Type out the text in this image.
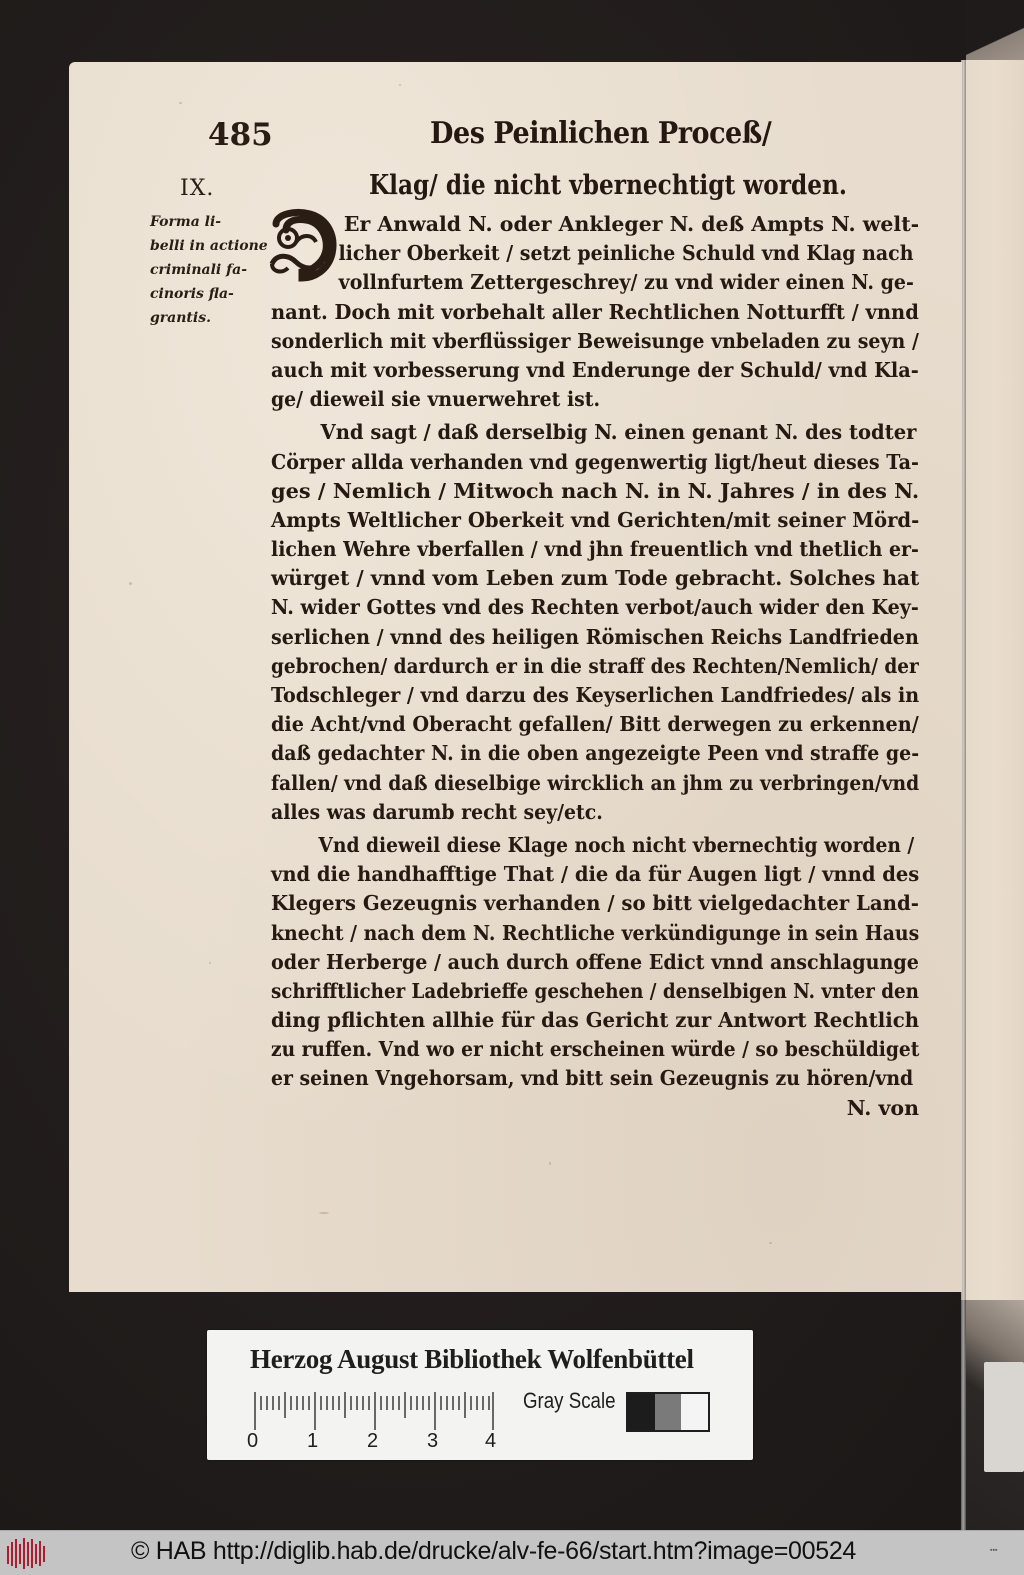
485	Des Peinlichen Proceß/
IX.	Klag/ die nicht vbernechtigt worden.
Forma li-
belli in actione
criminali fa-
cinoris fla-
grantis.
Er Anwald N. oder Ankleger N. deß Ampts N. welt-
licher Oberkeit / setzt peinliche Schuld vnd Klag nach
vollnfurtem Zettergeschrey/ zu vnd wider einen N. ge-
nant. Doch mit vorbehalt aller Rechtlichen Notturfft / vnnd
sonderlich mit vberflüssiger Beweisunge vnbeladen zu seyn /
auch mit vorbesserung vnd Enderunge der Schuld/ vnd Kla-
ge/ dieweil sie vnuerwehret ist.
Vnd sagt / daß derselbig N. einen genant N. des todter
Cörper allda verhanden vnd gegenwertig ligt/heut dieses Ta-
ges / Nemlich / Mitwoch nach N. in N. Jahres / in des N.
Ampts Weltlicher Oberkeit vnd Gerichten/mit seiner Mörd-
lichen Wehre vberfallen / vnd jhn freuentlich vnd thetlich er-
würget / vnnd vom Leben zum Tode gebracht. Solches hat
N. wider Gottes vnd des Rechten verbot/auch wider den Key-
serlichen / vnnd des heiligen Römischen Reichs Landfrieden
gebrochen/ dardurch er in die straff des Rechten/Nemlich/ der
Todschleger / vnd darzu des Keyserlichen Landfriedes/ als in
die Acht/vnd Oberacht gefallen/ Bitt derwegen zu erkennen/
daß gedachter N. in die oben angezeigte Peen vnd straffe ge-
fallen/ vnd daß dieselbige wircklich an jhm zu verbringen/vnd
alles was darumb recht sey/etc.
Vnd dieweil diese Klage noch nicht vbernechtig worden /
vnd die handhafftige That / die da für Augen ligt / vnnd des
Klegers Gezeugnis verhanden / so bitt vielgedachter Land-
knecht / nach dem N. Rechtliche verkündigunge in sein Haus
oder Herberge / auch durch offene Edict vnnd anschlagunge
schrifftlicher Ladebrieffe geschehen / denselbigen N. vnter den
ding pflichten allhie für das Gericht zur Antwort Rechtlich
zu ruffen. Vnd wo er nicht erscheinen würde / so beschüldiget
er seinen Vngehorsam, vnd bitt sein Gezeugnis zu hören/vnd
N. von
Herzog August Bibliothek Wolfenbüttel
0 1 2 3 4
Gray Scale
© HAB http://diglib.hab.de/drucke/alv-fe-66/start.htm?image=00524	▪▪▪
